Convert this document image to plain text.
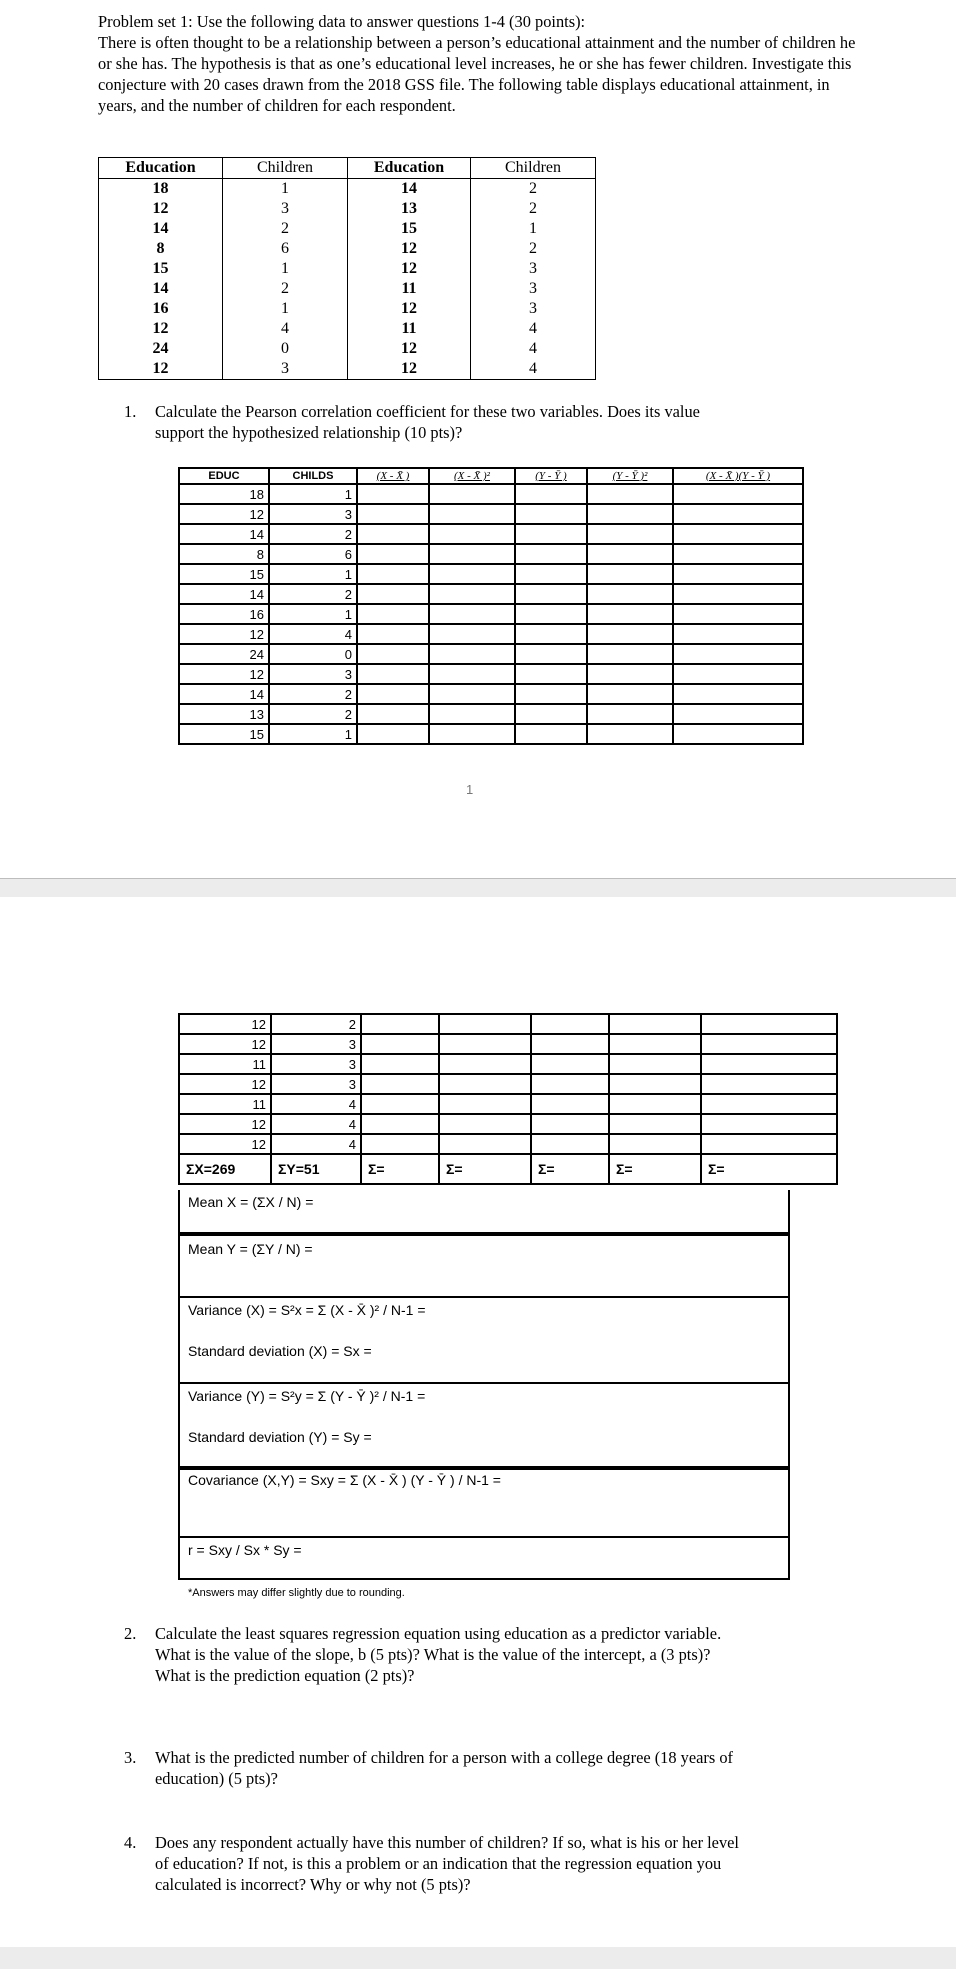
Problem set 1: Use the following data to answer questions 1-4 (30 points):

There is often thought to be a relationship between a person’s educational attainment and the number of children he or she has. The hypothesis is that as one’s educational level increases, he or she has fewer children. Investigate this conjecture with 20 cases drawn from the 2018 GSS file. The following table displays educational attainment, in years, and the number of children for each respondent.

Education	Children	Education	Children
18	1	14	2
12	3	13	2
14	2	15	1
8	6	12	2
15	1	12	3
14	2	11	3
16	1	12	3
12	4	11	4
24	0	12	4
12	3	12	4
1. Calculate the Pearson correlation coefficient for these two variables. Does its value
support the hypothesized relationship (10 pts)?
EDUC	CHILDS	(X - X̄ )	(X - X̄ )²	(Y - Ȳ )	(Y - Ȳ )²	(X - X̄ )(Y - Ȳ )
18	1					
12	3					
14	2					
8	6					
15	1					
14	2					
16	1					
12	4					
24	0					
12	3					
14	2					
13	2					
15	1					
1
12	2					
12	3					
11	3					
12	3					
11	4					
12	4					
12	4					
ΣX=269	ΣY=51	Σ=	Σ=	Σ=	Σ=	Σ=
Mean X = (ΣX / N) =
Mean Y = (ΣY / N) =
Variance (X) = S²x = Σ (X - X̄ )² / N-1 =
Standard deviation (X) = Sx =
Variance (Y) = S²y = Σ (Y - Ȳ )² / N-1 =
Standard deviation (Y) = Sy =
Covariance (X,Y) = Sxy = Σ (X - X̄ ) (Y - Ȳ ) / N-1 =
r = Sxy / Sx * Sy =
*Answers may differ slightly due to rounding.
2. Calculate the least squares regression equation using education as a predictor variable.
What is the value of the slope, b (5 pts)? What is the value of the intercept, a (3 pts)?
What is the prediction equation (2 pts)?
3. What is the predicted number of children for a person with a college degree (18 years of
education) (5 pts)?
4. Does any respondent actually have this number of children? If so, what is his or her level
of education? If not, is this a problem or an indication that the regression equation you
calculated is incorrect? Why or why not (5 pts)?
